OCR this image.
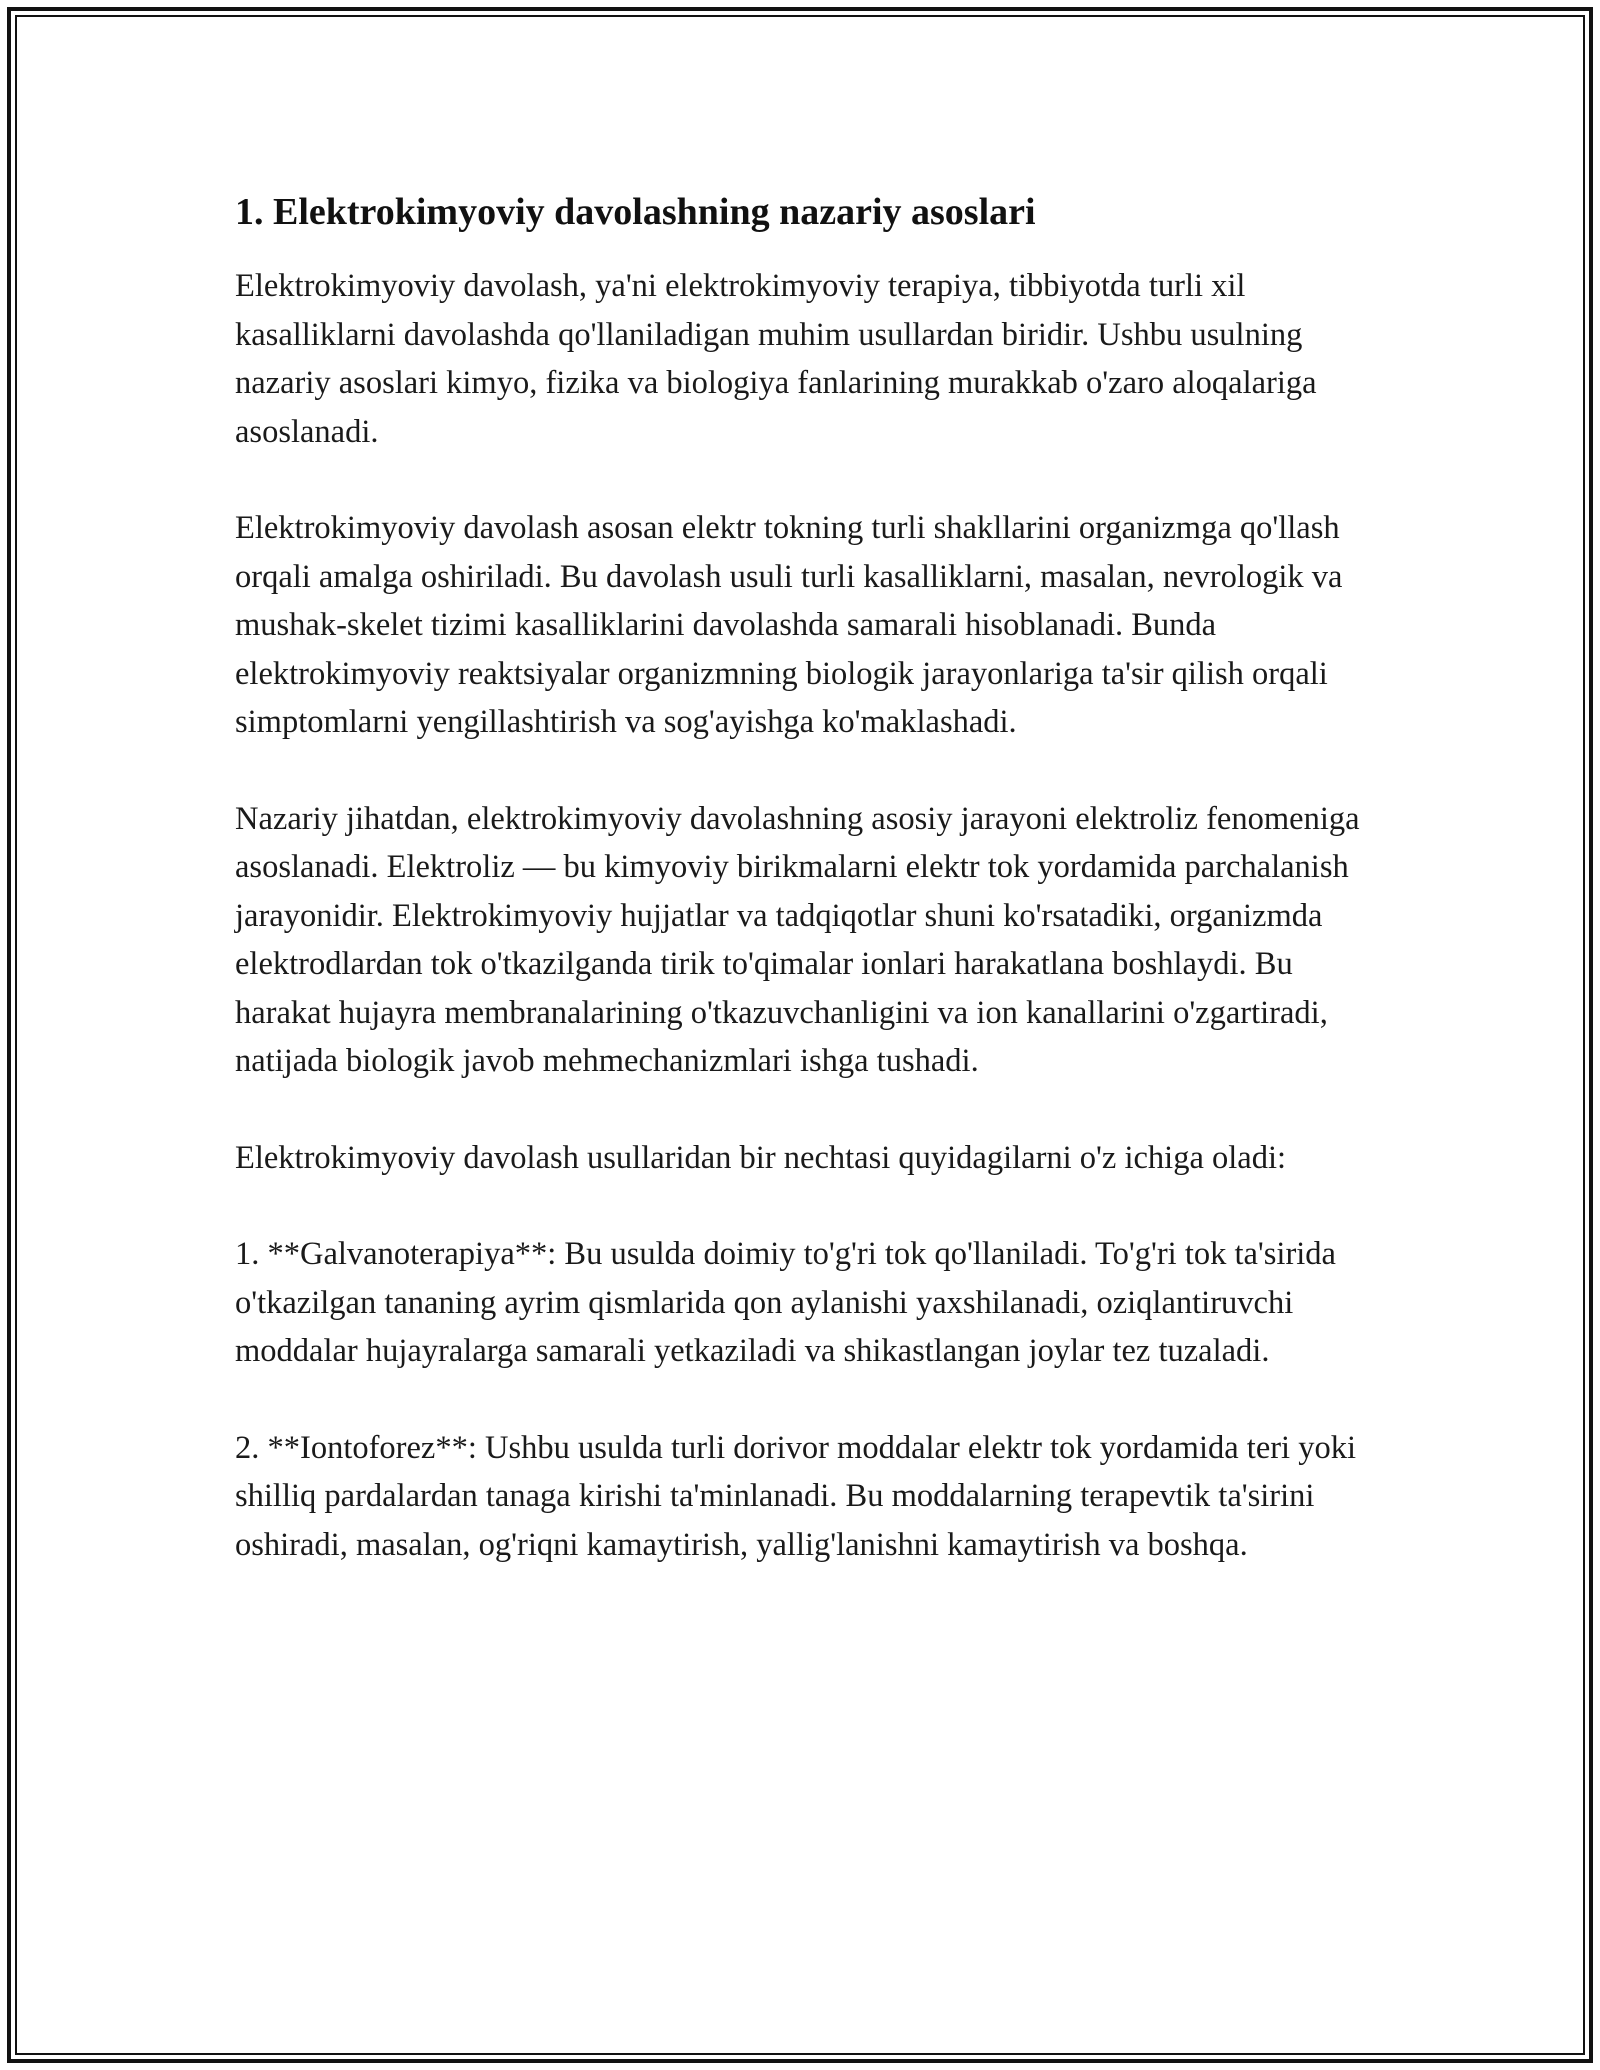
1. Elektrokimyoviy davolashning nazariy asoslari

Elektrokimyoviy davolash, ya'ni elektrokimyoviy terapiya, tibbiyotda turli xil kasalliklarni davolashda qo'llaniladigan muhim usullardan biridir. Ushbu usulning nazariy asoslari kimyo, fizika va biologiya fanlarining murakkab o'zaro aloqalariga asoslanadi.

Elektrokimyoviy davolash asosan elektr tokning turli shakllarini organizmga qo'llash orqali amalga oshiriladi. Bu davolash usuli turli kasalliklarni, masalan, nevrologik va mushak-skelet tizimi kasalliklarini davolashda samarali hisoblanadi. Bunda elektrokimyoviy reaktsiyalar organizmning biologik jarayonlariga ta'sir qilish orqali simptomlarni yengillashtirish va sog'ayishga ko'maklashadi.

Nazariy jihatdan, elektrokimyoviy davolashning asosiy jarayoni elektroliz fenomeniga asoslanadi. Elektroliz — bu kimyoviy birikmalarni elektr tok yordamida parchalanish jarayonidir. Elektrokimyoviy hujjatlar va tadqiqotlar shuni ko'rsatadiki, organizmda elektrodlardan tok o'tkazilganda tirik to'qimalar ionlari harakatlana boshlaydi. Bu harakat hujayra membranalarining o'tkazuvchanligini va ion kanallarini o'zgartiradi, natijada biologik javob mehmechanizmlari ishga tushadi.

Elektrokimyoviy davolash usullaridan bir nechtasi quyidagilarni o'z ichiga oladi:

1. **Galvanoterapiya**: Bu usulda doimiy to'g'ri tok qo'llaniladi. To'g'ri tok ta'sirida o'tkazilgan tananing ayrim qismlarida qon aylanishi yaxshilanadi, oziqlantiruvchi moddalar hujayralarga samarali yetkaziladi va shikastlangan joylar tez tuzaladi.

2. **Iontoforez**: Ushbu usulda turli dorivor moddalar elektr tok yordamida teri yoki shilliq pardalardan tanaga kirishi ta'minlanadi. Bu moddalarning terapevtik ta'sirini oshiradi, masalan, og'riqni kamaytirish, yallig'lanishni kamaytirish va boshqa.
